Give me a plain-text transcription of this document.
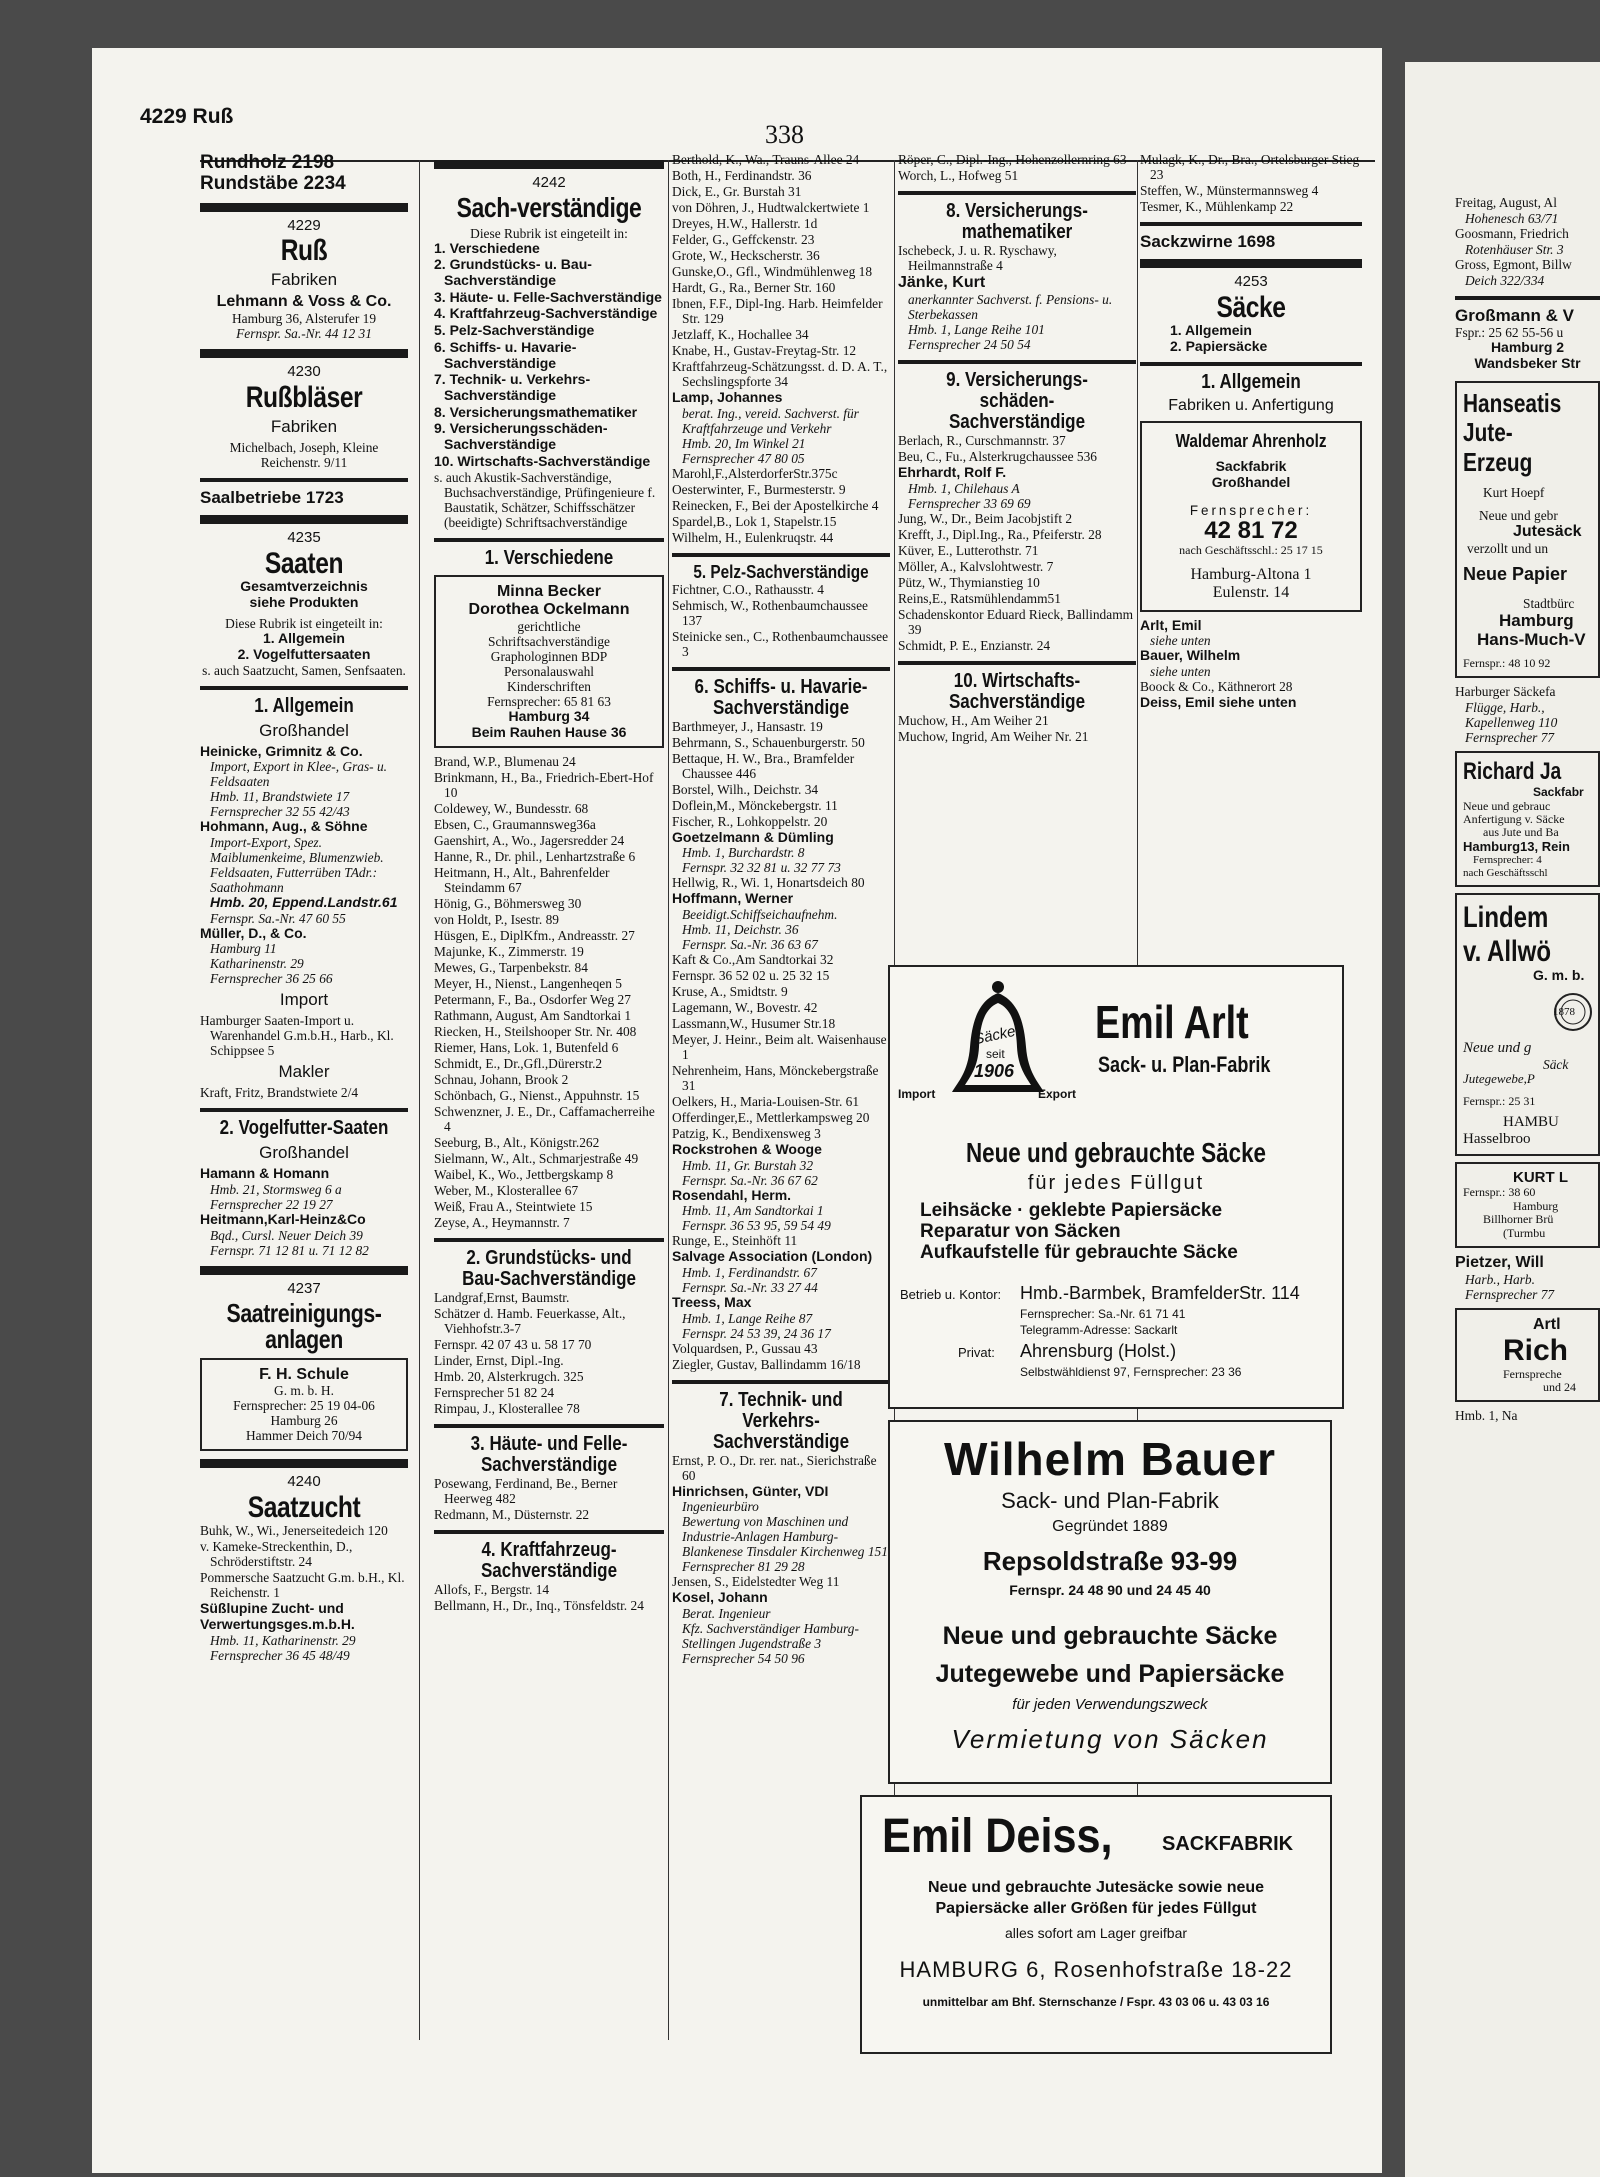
4229 Ruß
338
Rundholz 2198
Rundstäbe 2234
4229
Ruß
Fabriken
Lehmann & Voss & Co.
Hamburg 36, Alsterufer 19
Fernspr. Sa.-Nr. 44 12 31
4230
Rußbläser
Fabriken
Michelbach, Joseph, Kleine Reichenstr. 9/11
Saalbetriebe 1723
4235
Saaten
Gesamtverzeichnis
siehe Produkten
Diese Rubrik ist eingeteilt in:
1. Allgemein
2. Vogelfuttersaaten
s. auch Saatzucht, Samen, Senfsaaten.
1. Allgemein
Großhandel
Heinicke, Grimnitz & Co.
Import, Export in Klee-, Gras- u. Feldsaaten
Hmb. 11, Brandstwiete 17
Fernsprecher 32 55 42/43
Hohmann, Aug., & Söhne
Import-Export, Spez. Maiblumenkeime, Blumenzwieb. Feldsaaten, Futterrüben TAdr.: Saathohmann
Hmb. 20, Eppend.Landstr.61
Fernspr. Sa.-Nr. 47 60 55
Müller, D., & Co.
Hamburg 11
Katharinenstr. 29
Fernsprecher 36 25 66
Import
Hamburger Saaten-Import u. Warenhandel G.m.b.H., Harb., Kl. Schippsee 5
Makler
Kraft, Fritz, Brandstwiete 2/4
2. Vogelfutter-Saaten
Großhandel
Hamann & Homann
Hmb. 21, Stormsweg 6 a
Fernsprecher 22 19 27
Heitmann,Karl-Heinz&Co
Bqd., Cursl. Neuer Deich 39
Fernspr. 71 12 81 u. 71 12 82
4237
Saatreinigungs-anlagen
F. H. Schule
G. m. b. H.
Fernsprecher: 25 19 04-06
Hamburg 26
Hammer Deich 70/94
4240
Saatzucht
Buhk, W., Wi., Jenerseitedeich 120
v. Kameke-Streckenthin, D., Schröderstiftstr. 24
Pommersche Saatzucht G.m. b.H., Kl. Reichenstr. 1
Süßlupine Zucht- und Verwertungsges.m.b.H.
Hmb. 11, Katharinenstr. 29
Fernsprecher 36 45 48/49
4242
Sach-verständige
Diese Rubrik ist eingeteilt in:
1. Verschiedene
2. Grundstücks- u. Bau-Sachverständige
3. Häute- u. Felle-Sachverständige
4. Kraftfahrzeug-Sachverständige
5. Pelz-Sachverständige
6. Schiffs- u. Havarie-Sachverständige
7. Technik- u. Verkehrs-Sachverständige
8. Versicherungsmathematiker
9. Versicherungsschäden-Sachverständige
10. Wirtschafts-Sachverständige
s. auch Akustik-Sachverständige, Buchsachverständige, Prüfingenieure f. Baustatik, Schätzer, Schiffsschätzer (beeidigte) Schriftsachverständige
1. Verschiedene
Minna Becker
Dorothea Ockelmann
gerichtliche
Schriftsachverständige
Graphologinnen BDP
Personalauswahl
Kinderschriften
Fernsprecher: 65 81 63
Hamburg 34
Beim Rauhen Hause 36
Brand, W.P., Blumenau 24
Brinkmann, H., Ba., Friedrich-Ebert-Hof 10
Coldewey, W., Bundesstr. 68
Ebsen, C., Graumannsweg36a
Gaenshirt, A., Wo., Jagersredder 24
Hanne, R., Dr. phil., Lenhartzstraße 6
Heitmann, H., Alt., Bahrenfelder Steindamm 67
Hönig, G., Böhmersweg 30
von Holdt, P., Isestr. 89
Hüsgen, E., DiplKfm., Andreasstr. 27
Majunke, K., Zimmerstr. 19
Mewes, G., Tarpenbekstr. 84
Meyer, H., Nienst., Langenheqen 5
Petermann, F., Ba., Osdorfer Weg 27
Rathmann, August, Am Sandtorkai 1
Riecken, H., Steilshooper Str. Nr. 408
Riemer, Hans, Lok. 1, Butenfeld 6
Schmidt, E., Dr.,Gfl.,Dürerstr.2
Schnau, Johann, Brook 2
Schönbach, G., Nienst., Appuhnstr. 15
Schwenzner, J. E., Dr., Caffamacherreihe 4
Seeburg, B., Alt., Königstr.262
Sielmann, W., Alt., Schmarjestraße 49
Waibel, K., Wo., Jettbergskamp 8
Weber, M., Klosterallee 67
Weiß, Frau A., Steintwiete 15
Zeyse, A., Heymannstr. 7
2. Grundstücks- und Bau-Sachverständige
Landgraf,Ernst, Baumstr.
Schätzer d. Hamb. Feuerkasse, Alt., Viehhofstr.3-7
Fernspr. 42 07 43 u. 58 17 70
Linder, Ernst, Dipl.-Ing.
Hmb. 20, Alsterkrugch. 325
Fernsprecher 51 82 24
Rimpau, J., Klosterallee 78
3. Häute- und Felle-Sachverständige
Posewang, Ferdinand, Be., Berner Heerweg 482
Redmann, M., Düsternstr. 22
4. Kraftfahrzeug-Sachverständige
Allofs, F., Bergstr. 14
Bellmann, H., Dr., Inq., Tönsfeldstr. 24
Berthold, K., Wa., Trauns-Allee 24
Both, H., Ferdinandstr. 36
Dick, E., Gr. Burstah 31
von Döhren, J., Hudtwalckertwiete 1
Dreyes, H.W., Hallerstr. 1d
Felder, G., Geffckenstr. 23
Grote, W., Heckscherstr. 36
Gunske,O., Gfl., Windmühlenweg 18
Hardt, G., Ra., Berner Str. 160
Ibnen, F.F., Dipl-Ing. Harb. Heimfelder Str. 129
Jetzlaff, K., Hochallee 34
Knabe, H., Gustav-Freytag-Str. 12
Kraftfahrzeug-Schätzungsst. d. D. A. T., Sechslingspforte 34
Lamp, Johannes
berat. Ing., vereid. Sachverst. für Kraftfahrzeuge und Verkehr
Hmb. 20, Im Winkel 21
Fernsprecher 47 80 05
Marohl,F.,AlsterdorferStr.375c
Oesterwinter, F., Burmesterstr. 9
Reinecken, F., Bei der Apostelkirche 4
Spardel,B., Lok 1, Stapelstr.15
Wilhelm, H., Eulenkruqstr. 44
5. Pelz-Sachverständige
Fichtner, C.O., Rathausstr. 4
Sehmisch, W., Rothenbaumchaussee 137
Steinicke sen., C., Rothenbaumchaussee 3
6. Schiffs- u. Havarie-Sachverständige
Barthmeyer, J., Hansastr. 19
Behrmann, S., Schauenburgerstr. 50
Bettaque, H. W., Bra., Bramfelder Chaussee 446
Borstel, Wilh., Deichstr. 34
Doflein,M., Mönckebergstr. 11
Fischer, R., Lohkoppelstr. 20
Goetzelmann & Dümling
Hmb. 1, Burchardstr. 8
Fernspr. 32 32 81 u. 32 77 73
Hellwig, R., Wi. 1, Honartsdeich 80
Hoffmann, Werner
Beeidigt.Schiffseichaufnehm.
Hmb. 11, Deichstr. 36
Fernspr. Sa.-Nr. 36 63 67
Kaft & Co.,Am Sandtorkai 32
Fernspr. 36 52 02 u. 25 32 15
Kruse, A., Smidtstr. 9
Lagemann, W., Bovestr. 42
Lassmann,W., Husumer Str.18
Meyer, J. Heinr., Beim alt. Waisenhause 1
Nehrenheim, Hans, Mönckebergstraße 31
Oelkers, H., Maria-Louisen-Str. 61
Offerdinger,E., Mettlerkampsweg 20
Patzig, K., Bendixensweg 3
Rockstrohen & Wooge
Hmb. 11, Gr. Burstah 32
Fernspr. Sa.-Nr. 36 67 62
Rosendahl, Herm.
Hmb. 11, Am Sandtorkai 1
Fernspr. 36 53 95, 59 54 49
Runge, E., Steinhöft 11
Salvage Association (London)
Hmb. 1, Ferdinandstr. 67
Fernspr. Sa.-Nr. 33 27 44
Treess, Max
Hmb. 1, Lange Reihe 87
Fernspr. 24 53 39, 24 36 17
Volquardsen, P., Gussau 43
Ziegler, Gustav, Ballindamm 16/18
7. Technik- und Verkehrs-Sachverständige
Ernst, P. O., Dr. rer. nat., Sierichstraße 60
Hinrichsen, Günter, VDI
Ingenieurbüro
Bewertung von Maschinen und Industrie-Anlagen Hamburg-Blankenese Tinsdaler Kirchenweg 151
Fernsprecher 81 29 28
Jensen, S., Eidelstedter Weg 11
Kosel, Johann
Berat. Ingenieur
Kfz. Sachverständiger Hamburg-Stellingen Jugendstraße 3
Fernsprecher 54 50 96
Röper, C., Dipl.-Ing., Hohenzollernring 63
Worch, L., Hofweg 51
8. Versicherungs-mathematiker
Ischebeck, J. u. R. Ryschawy, Heilmannstraße 4
Jänke, Kurt
anerkannter Sachverst. f. Pensions- u. Sterbekassen
Hmb. 1, Lange Reihe 101
Fernsprecher 24 50 54
9. Versicherungs-schäden-Sachverständige
Berlach, R., Curschmannstr. 37
Beu, C., Fu., Alsterkrugchaussee 536
Ehrhardt, Rolf F.
Hmb. 1, Chilehaus A
Fernsprecher 33 69 69
Jung, W., Dr., Beim Jacobjstift 2
Krefft, J., Dipl.Ing., Ra., Pfeiferstr. 28
Küver, E., Lutterothstr. 71
Möller, A., Kalvslohtwestr. 7
Pütz, W., Thymianstieg 10
Reins,E., Ratsmühlendamm51
Schadenskontor Eduard Rieck, Ballindamm 39
Schmidt, P. E., Enzianstr. 24
10. Wirtschafts-Sachverständige
Muchow, H., Am Weiher 21
Muchow, Ingrid, Am Weiher Nr. 21
Mulagk, K., Dr., Bra., Ortelsburger Stieg 23
Steffen, W., Münstermannsweg 4
Tesmer, K., Mühlenkamp 22
Sackzwirne 1698
4253
Säcke
1. Allgemein
2. Papiersäcke
1. Allgemein
Fabriken u. Anfertigung
Waldemar Ahrenholz
Sackfabrik
Großhandel
Fernsprecher:
42 81 72
nach Geschäftsschl.: 25 17 15
Hamburg-Altona 1
Eulenstr. 14
Arlt, Emil
siehe unten
Bauer, Wilhelm
siehe unten
Boock & Co., Käthnerort 28
Deiss, Emil siehe unten
Säcke
seit
1906
Import	Export
Emil Arlt
Sack- u. Plan-Fabrik
Neue und gebrauchte Säcke
für jedes Füllgut
Leihsäcke · geklebte Papiersäcke
Reparatur von Säcken
Aufkaufstelle für gebrauchte Säcke
Betrieb u. Kontor: Hmb.-Barmbek, BramfelderStr. 114
Fernsprecher: Sa.-Nr. 61 71 41
Telegramm-Adresse: Sackarlt
Privat: Ahrensburg (Holst.)
Selbstwähldienst 97, Fernsprecher: 23 36
Wilhelm Bauer
Sack- und Plan-Fabrik
Gegründet 1889
Repsoldstraße 93-99
Fernspr. 24 48 90 und 24 45 40
Neue und gebrauchte Säcke
Jutegewebe und Papiersäcke
für jeden Verwendungszweck
Vermietung von Säcken
Emil Deiss, SACKFABRIK
Neue und gebrauchte Jutesäcke sowie neue
Papiersäcke aller Größen für jedes Füllgut
alles sofort am Lager greifbar
HAMBURG 6, Rosenhofstraße 18-22
unmittelbar am Bhf. Sternschanze / Fspr. 43 03 06 u. 43 03 16
Freitag, August, Al
Hohenesch 63/71
Goosmann, Friedrich
Rotenhäuser Str. 3
Gross, Egmont, Billw
Deich 322/334
Großmann & V
Fspr.: 25 62 55-56 u
Hamburg 2
Wandsbeker Str
Hanseatis
Jute-Erzeug
Kurt Hoepf
Neue und gebr
Jutesäck
verzollt und un
Neue Papier
Stadtbürc
Hamburg
Hans-Much-V
Fernspr.: 48 10 92
Harburger Säckefa
Flügge, Harb.,
Kapellenweg 110
Fernsprecher 77
Richard Ja
Sackfabr
Neue und gebrauc
Anfertigung v. Säcke
aus Jute und Ba
Hamburg13, Rein
Fernsprecher: 4
nach Geschäftsschl
Lindem
v. Allwö
G. m. b.
1878
Neue und g
Säck
Jutegewebe,P
Fernspr.: 25 31
HAMBU
Hasselbroo
KURT L
Fernspr.: 38 60
Hamburg
Billhorner Brü
(Turmbu
Pietzer, Will
Harb., Harb.
Fernsprecher 77
Artl
Rich
Fernspreche
und 24
Hmb. 1, Na
